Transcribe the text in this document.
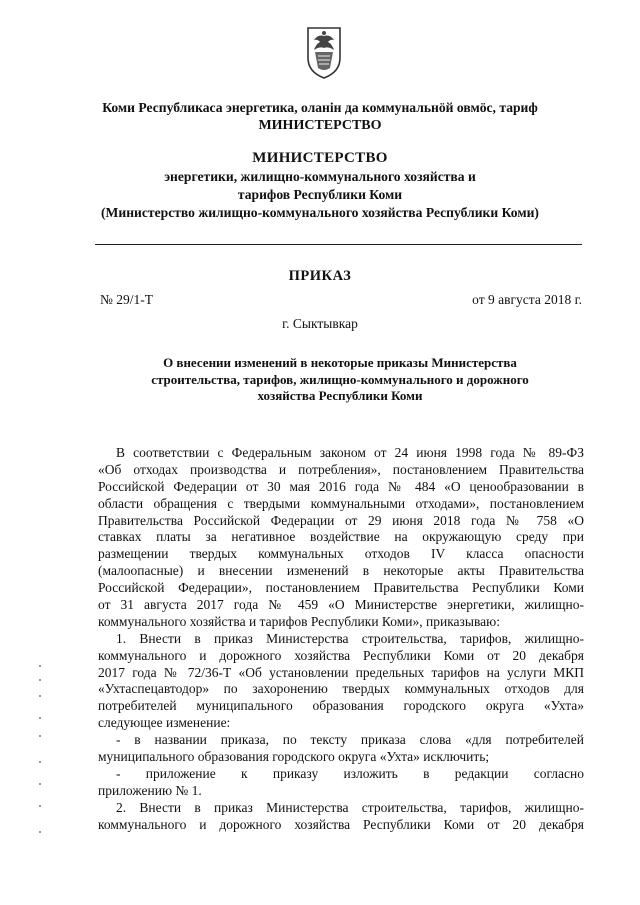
Коми Республикаса энергетика, оланiн да коммунальнöй овмöс, тариф
МИНИСТЕРСТВО
МИНИСТЕРСТВО
энергетики, жилищно-коммунального хозяйства и
тарифов Республики Коми
(Министерство жилищно-коммунального хозяйства Республики Коми)
ПРИКАЗ
№ 29/1-Т	от 9 августа 2018 г.
г. Сыктывкар
О внесении изменений в некоторые приказы Министерства
строительства, тарифов, жилищно-коммунального и дорожного
хозяйства Республики Коми
В соответствии с Федеральным законом от 24 июня 1998 года № 89-ФЗ
«Об отходах производства и потребления», постановлением Правительства
Российской Федерации от 30 мая 2016 года № 484 «О ценообразовании в
области обращения с твердыми коммунальными отходами», постановлением
Правительства Российской Федерации от 29 июня 2018 года № 758 «О
ставках платы за негативное воздействие на окружающую среду при
размещении твердых коммунальных отходов IV класса опасности
(малоопасные) и внесении изменений в некоторые акты Правительства
Российской Федерации», постановлением Правительства Республики Коми
от 31 августа 2017 года № 459 «О Министерстве энергетики, жилищно-
коммунального хозяйства и тарифов Республики Коми», приказываю:
1. Внести в приказ Министерства строительства, тарифов, жилищно-
коммунального и дорожного хозяйства Республики Коми от 20 декабря
2017 года № 72/36-Т «Об установлении предельных тарифов на услуги МКП
«Ухтаспецавтодор» по захоронению твердых коммунальных отходов для
потребителей муниципального образования городского округа «Ухта»
следующее изменение:
- в названии приказа, по тексту приказа слова «для потребителей
муниципального образования городского округа «Ухта» исключить;
- приложение к приказу изложить в редакции согласно
приложению № 1.
2. Внести в приказ Министерства строительства, тарифов, жилищно-
коммунального и дорожного хозяйства Республики Коми от 20 декабря
